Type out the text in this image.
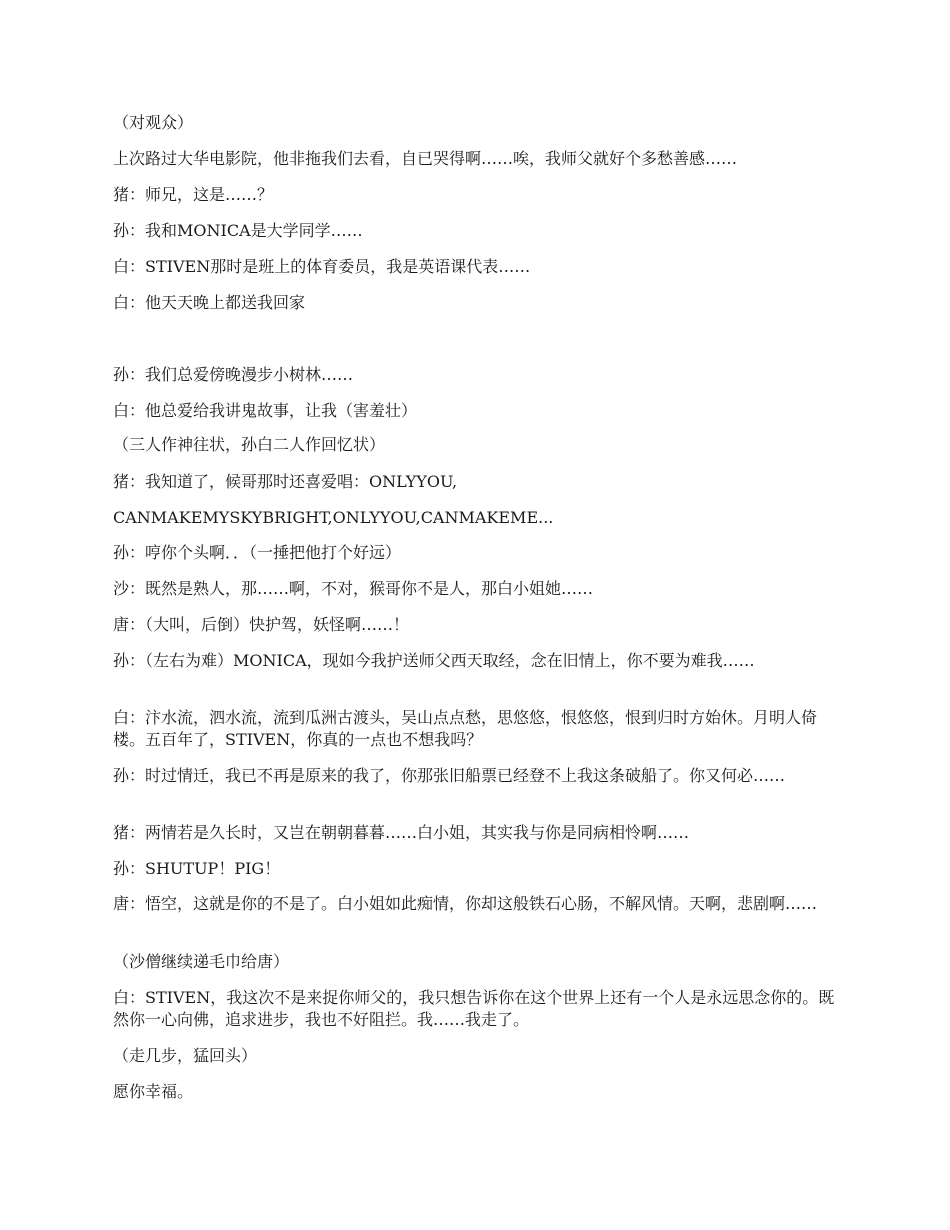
（对观众）
上次路过大华电影院，他非拖我们去看，自已哭得啊……唉，我师父就好个多愁善感……
猪：师兄，这是……？
孙：我和MONICA是大学同学……
白：STIVEN那时是班上的体育委员，我是英语课代表……
白：他天天晚上都送我回家
孙：我们总爱傍晚漫步小树林……
白：他总爱给我讲鬼故事，让我（害羞壮）
（三人作神往状，孙白二人作回忆状）
猪：我知道了，候哥那时还喜爱唱：ONLYYOU,
CANMAKEMYSKYBRIGHT,ONLYYOU,CANMAKEME...
孙：哼你个头啊．．（一捶把他打个好远）
沙：既然是熟人，那……啊，不对，猴哥你不是人，那白小姐她……
唐：（大叫，后倒）快护驾，妖怪啊……！
孙：（左右为难）MONICA，现如今我护送师父西天取经，念在旧情上，你不要为难我……
白：汴水流，泗水流，流到瓜洲古渡头，吴山点点愁，思悠悠，恨悠悠，恨到归时方始休。月明人倚楼。五百年了，STIVEN，你真的一点也不想我吗？
孙：时过情迁，我已不再是原来的我了，你那张旧船票已经登不上我这条破船了。你又何必……
猪：两情若是久长时，又岂在朝朝暮暮……白小姐，其实我与你是同病相怜啊……
孙：SHUTUP！PIG！
唐：悟空，这就是你的不是了。白小姐如此痴情，你却这般铁石心肠，不解风情。天啊，悲剧啊……
（沙僧继续递毛巾给唐）
白：STIVEN，我这次不是来捉你师父的，我只想告诉你在这个世界上还有一个人是永远思念你的。既然你一心向佛，追求进步，我也不好阻拦。我……我走了。
（走几步，猛回头）
愿你幸福。
